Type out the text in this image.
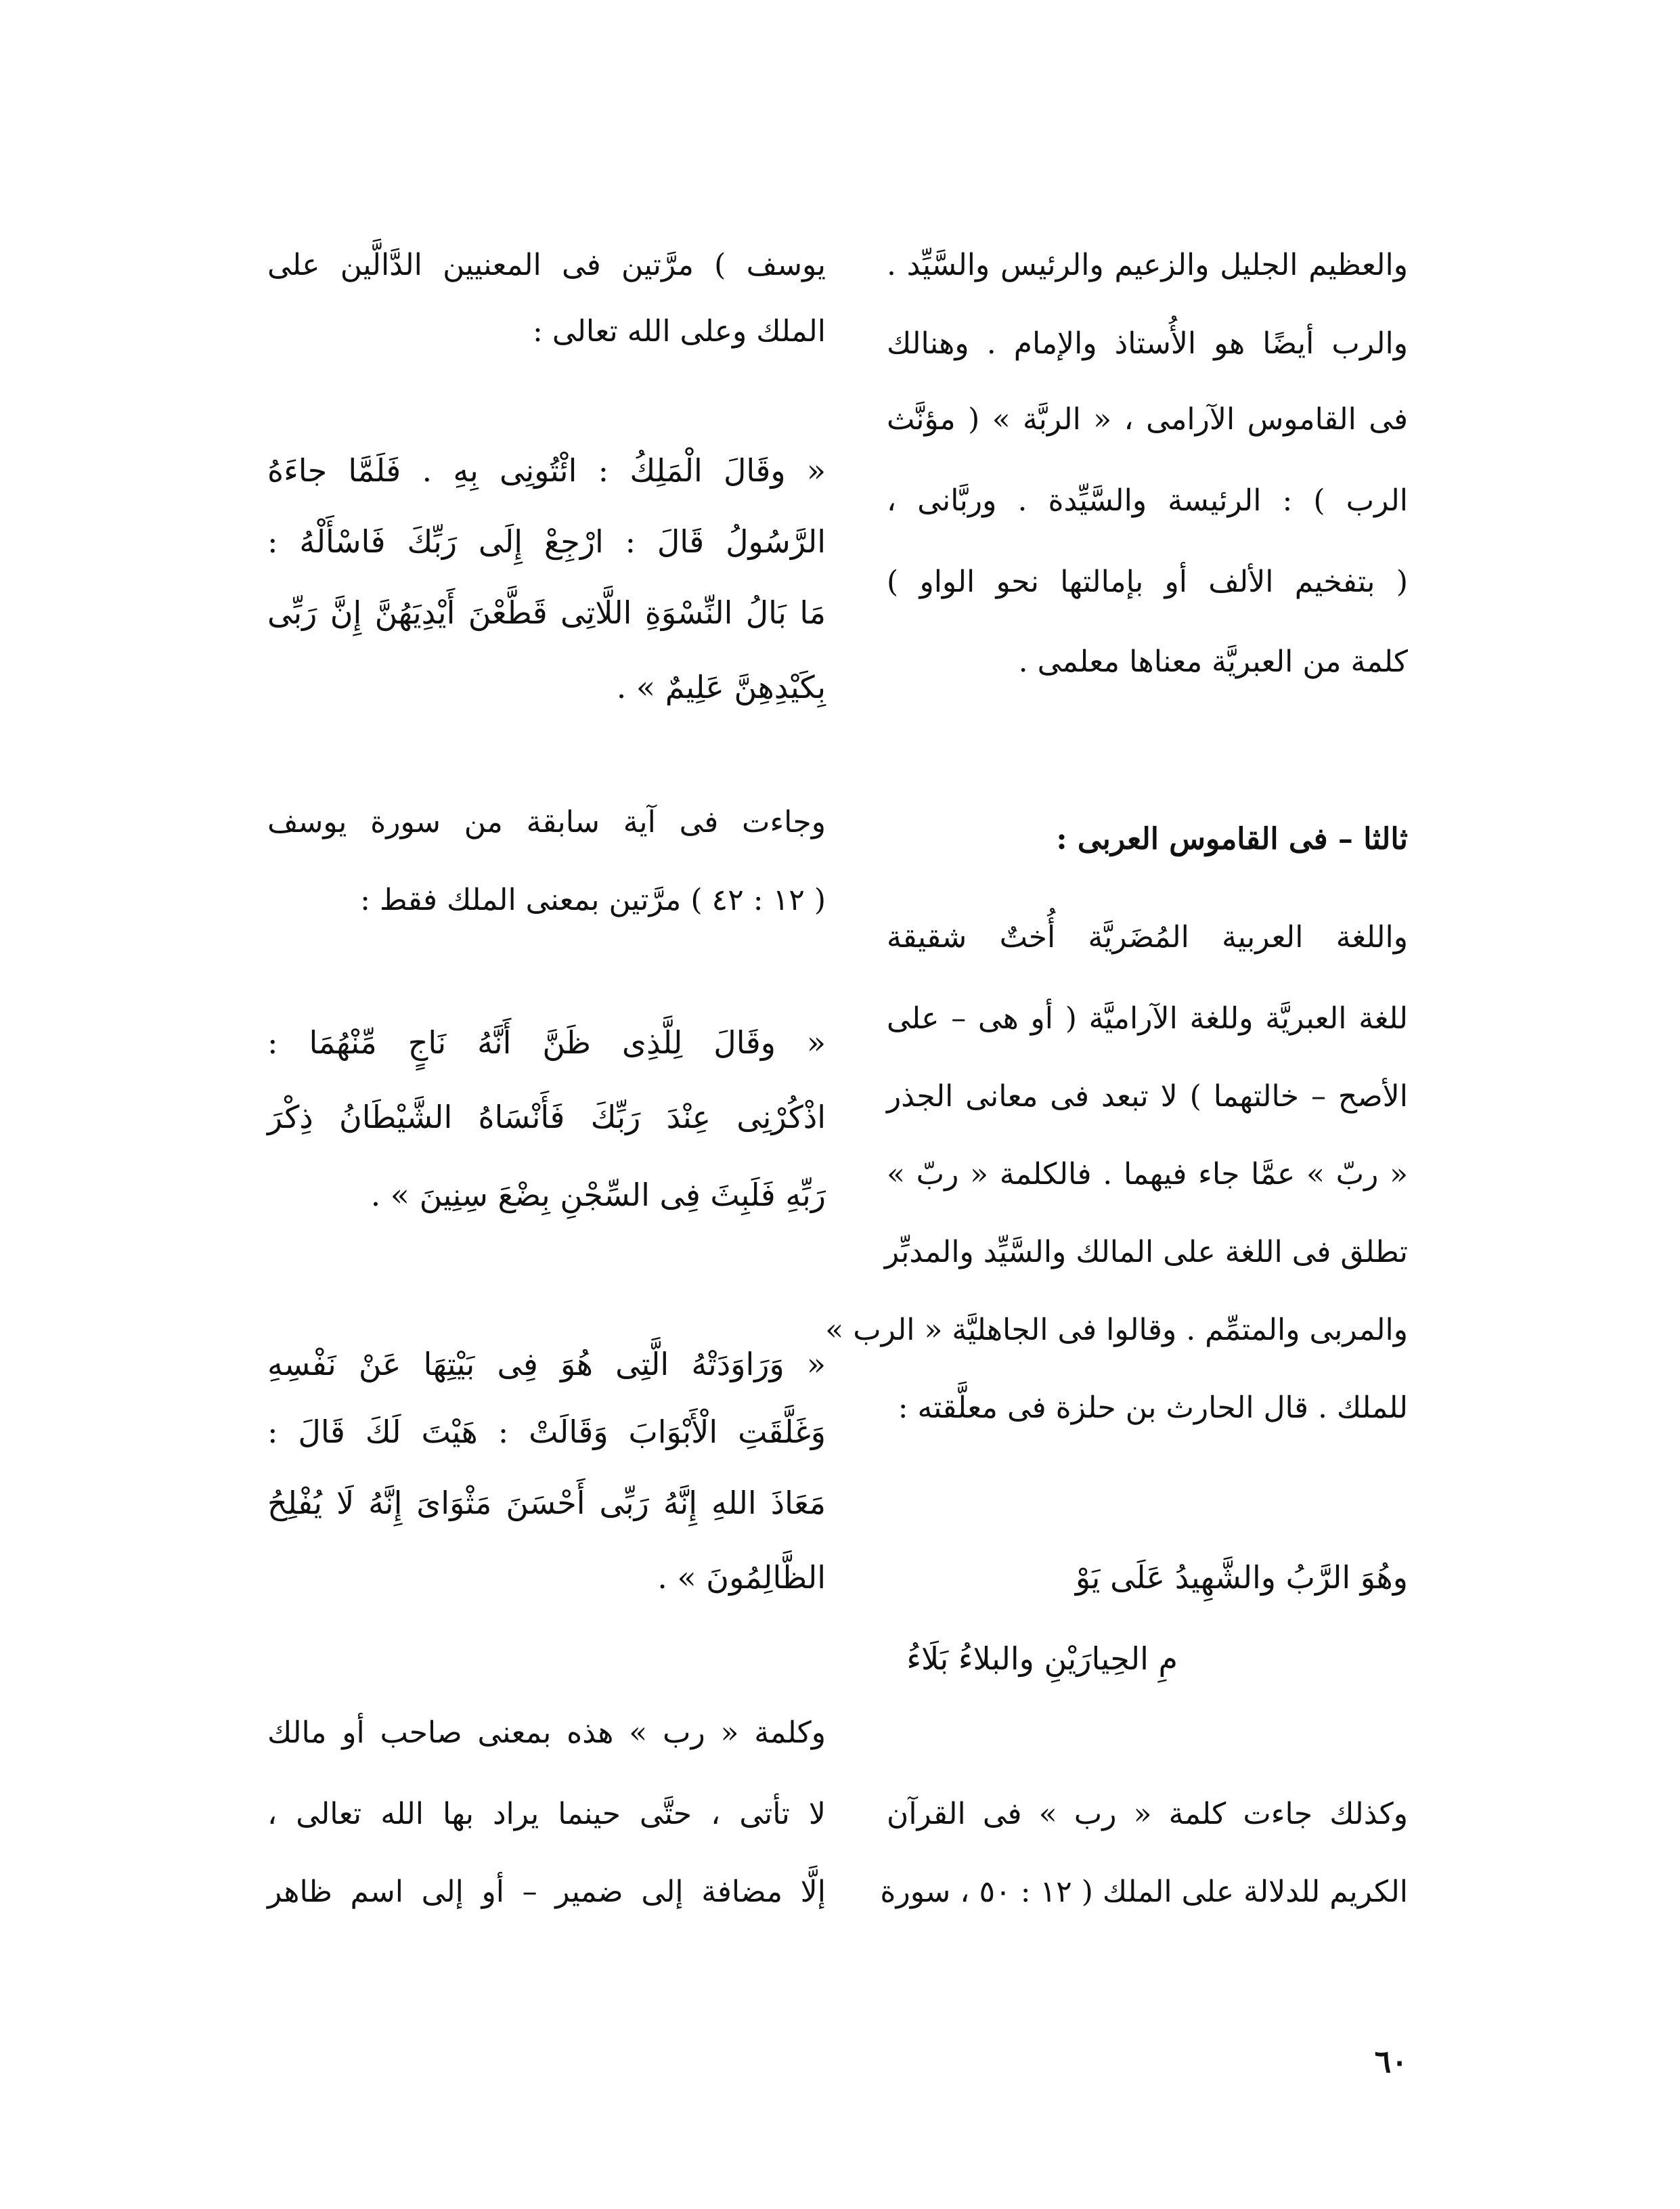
والعظيم الجليل والزعيم والرئيس والسَّيِّد .

والرب أيضًا هو الأُستاذ والإمام . وهنالك

فى القاموس الآرامى ، « الربَّة » ( مؤنَّث

الرب ) : الرئيسة والسَّيِّدة . وربَّانى ،

( بتفخيم الألف أو بإمالتها نحو الواو )

كلمة من العبريَّة معناها معلمى .

ثالثا – فى القاموس العربى :

واللغة العربية المُضَريَّة أُختٌ شقيقة

للغة العبريَّة وللغة الآراميَّة ( أو هى – على

الأصح – خالتهما ) لا تبعد فى معانى الجذر

« ربّ » عمَّا جاء فيهما . فالكلمة « ربّ »

تطلق فى اللغة على المالك والسَّيِّد والمدبِّر

والمربى والمتمِّم . وقالوا فى الجاهليَّة « الرب »

للملك . قال الحارث بن حلزة فى معلَّقته :

وهُوَ الرَّبُ والشَّهِيدُ عَلَى يَوْ

مِ الحِيارَيْنِ والبلاءُ بَلَاءُ

وكذلك جاءت كلمة « رب » فى القرآن

الكريم للدلالة على الملك ( ١٢ : ٥٠ ، سورة

يوسف ) مرَّتين فى المعنيين الدَّالَّين على

الملك وعلى الله تعالى :

« وقَالَ الْمَلِكُ : ائْتُونِى بِهِ . فَلَمَّا جاءَهُ

الرَّسُولُ قَالَ : ارْجِعْ إِلَى رَبِّكَ فَاسْأَلْهُ :

مَا بَالُ النِّسْوَةِ اللَّاتِى قَطَّعْنَ أَيْدِيَهُنَّ إِنَّ رَبِّى

بِكَيْدِهِنَّ عَلِيمٌ » .

وجاءت فى آية سابقة من سورة يوسف

( ١٢ : ٤٢ ) مرَّتين بمعنى الملك فقط :

« وقَالَ لِلَّذِى ظَنَّ أَنَّهُ نَاجٍ مِّنْهُمَا :

اذْكُرْنِى عِنْدَ رَبِّكَ فَأَنْسَاهُ الشَّيْطَانُ ذِكْرَ

رَبِّهِ فَلَبِثَ فِى السِّجْنِ بِضْعَ سِنِينَ » .

« وَرَاوَدَتْهُ الَّتِى هُوَ فِى بَيْتِهَا عَنْ نَفْسِهِ

وَغَلَّقَتِ الْأَبْوَابَ وَقَالَتْ : هَيْتَ لَكَ قَالَ :

مَعَاذَ اللهِ إِنَّهُ رَبِّى أَحْسَنَ مَثْوَاىَ إِنَّهُ لَا يُفْلِحُ

الظَّالِمُونَ » .

وكلمة « رب » هذه بمعنى صاحب أو مالك

لا تأتى ، حتَّى حينما يراد بها الله تعالى ،

إلَّا مضافة إلى ضمير – أو إلى اسم ظاهر

٦٠
